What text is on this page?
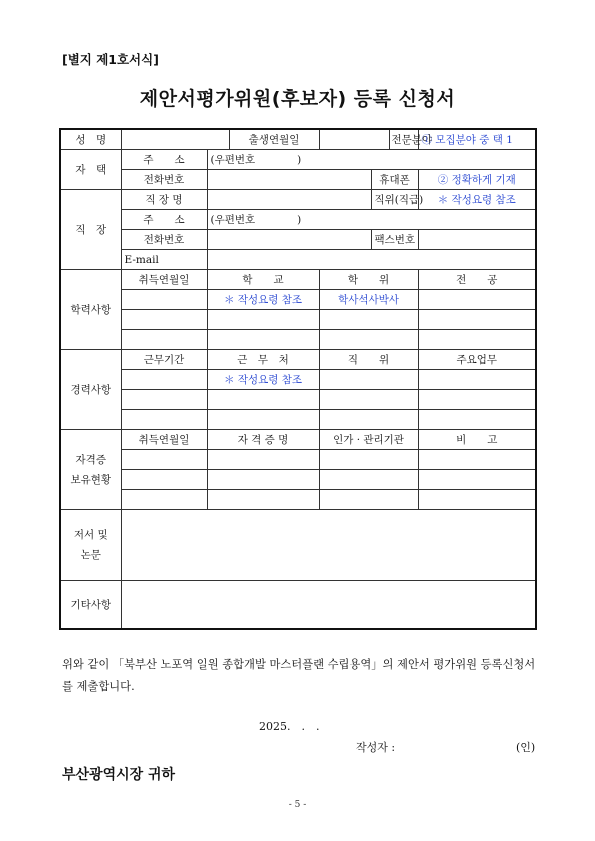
[별지 제1호서식]
제안서평가위원(후보자) 등록 신청서
성　명			출생연월일			전문분야	① 모집분야 중 택 1
자　택	주　　소	(우편번호　　　　)					
	전화번호				휴대폰		② 정확하게 기재
직　장	직 장 명				직위(직급)		＊ 작성요령 참조
	주　　소	(우편번호　　　　)					
	전화번호				팩스번호		
	E-mail						
학력사항	취득연월일	학　　교		학　　위			전　　공
		＊ 작성요령 참조		학사석사박사			

경력사항	근무기간	근　무　처		직　　위			주요업무
		＊ 작성요령 참조					

자격증
보유현황	취득연월일	자 격 증 명		인가 · 관리기관			비　　고

저서 및
논문							
기타사항							
위와 같이 「북부산 노포역 일원 종합개발 마스터플랜 수립용역」의 제안서 평가위원 등록신청서를 제출합니다.
2025.　.　.
작성자 :	(인)
부산광역시장 귀하
- 5 -
